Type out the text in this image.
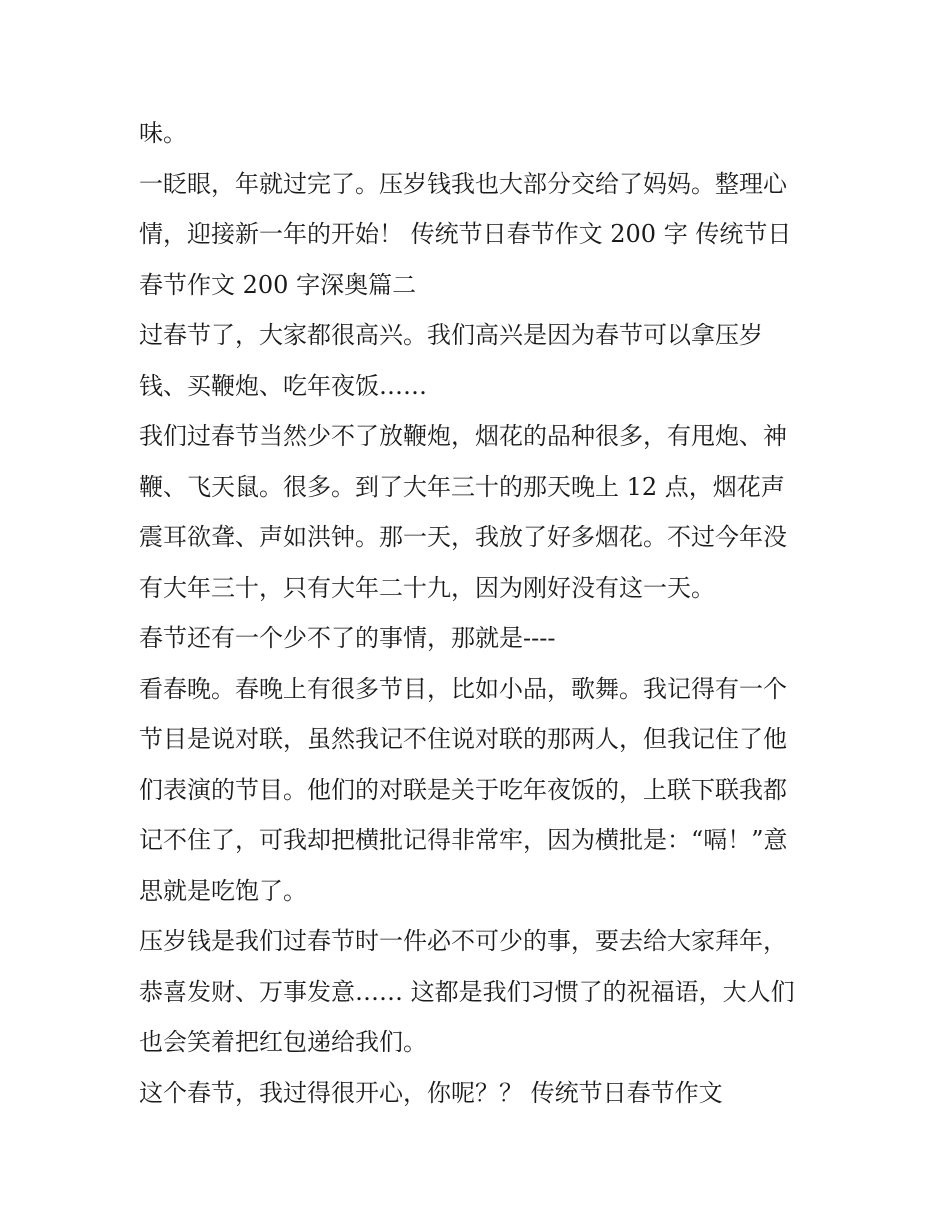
味。

一眨眼，年就过完了。压岁钱我也大部分交给了妈妈。整理心
情，迎接新一年的开始！ 传统节日春节作文 200 字 传统节日
春节作文 200 字深奥篇二

过春节了，大家都很高兴。我们高兴是因为春节可以拿压岁
钱、买鞭炮、吃年夜饭……

我们过春节当然少不了放鞭炮，烟花的品种很多，有甩炮、神
鞭、飞天鼠。很多。到了大年三十的那天晚上 12 点，烟花声
震耳欲聋、声如洪钟。那一天，我放了好多烟花。不过今年没
有大年三十，只有大年二十九，因为刚好没有这一天。

春节还有一个少不了的事情，那就是----

看春晚。春晚上有很多节目，比如小品，歌舞。我记得有一个
节目是说对联，虽然我记不住说对联的那两人，但我记住了他
们表演的节目。他们的对联是关于吃年夜饭的，上联下联我都
记不住了，可我却把横批记得非常牢，因为横批是：“嗝！”意
思就是吃饱了。

压岁钱是我们过春节时一件必不可少的事，要去给大家拜年，
恭喜发财、万事发意…… 这都是我们习惯了的祝福语，大人们
也会笑着把红包递给我们。

这个春节，我过得很开心，你呢？？ 传统节日春节作文
